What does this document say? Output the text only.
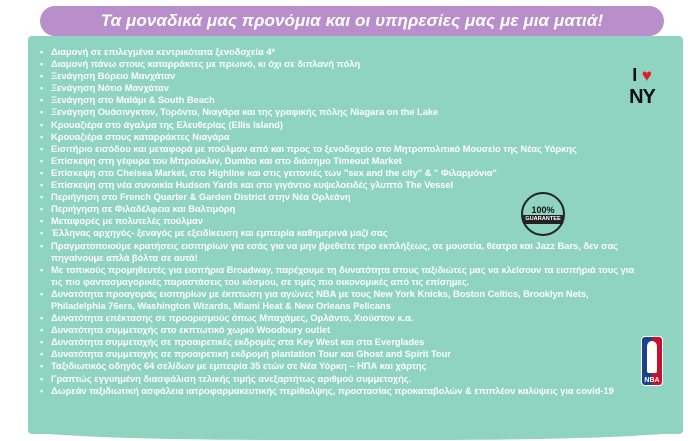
Τα μοναδικά μας προνόμια και οι υπηρεσίες μας με μια ματιά!
• Διαμονή σε επιλεγμένα κεντρικότατα ξενοδοχεία 4*
• Διαμονή πάνω στους καταρράκτες με πρωινό, κι όχι σε διπλανή πόλη
• Ξενάγηση Βόρειο Μανχάταν
• Ξενάγηση Νότιο Μανχάταν
• Ξενάγηση στο Μαϊάμι & South Beach
• Ξενάγηση Ουάσινγκτον, Τορόντο, Νιαγάρα και της γραφικής πόλης Niagara on the Lake
• Κρουαζιέρα στο άγαλμα της Ελευθερίας (Ellis Island)
• Κρουαζιέρα στους καταρράκτες Νιαγάρα
• Εισιτήριο εισόδου και μεταφορά με πούλμαν από και προς το ξενοδοχείο στο Μητροπολιτικό Μουσείο της Νέας Υόρκης
• Επίσκεψη στη γέφυρα του Μπρούκλιν, Dumbo και στο διάσημο Timeout Market
• Επίσκεψη στο Chelsea Market, στο Highline και στις γειτονιές των "sex and the city" & " Φιλαρμόνια"
• Επίσκεψη στη νέα συνοικία Hudson Yards και στο γιγάντιο κυψελοειδές γλυπτό The Vessel
• Περιήγηση στο French Quarter & Garden District στην Νέα Ορλεάνη
• Περιήγηση σε Φιλαδέλφεια και Βαλτιμόρη
• Μεταφορές με πολυτελές πούλμαν
• Έλληνας αρχηγός- ξεναγός με εξειδίκευση και εμπειρία καθημερινά μαζί σας
• Πραγματοποιούμε κρατήσεις εισιτηρίων για εσάς για να μην βρεθείτε προ εκπλήξεως, σε μουσεία, θέατρα και Jazz Bars, δεν σας πηγαίνουμε απλά βόλτα σε αυτά!
• Με τοπικούς προμηθευτές για εισιτήρια Broadway, παρέχουμε τη δυνατότητα στους ταξιδιώτες μας να κλείσουν τα εισιτήριά τους για τις πιο φαντασμαγορικές παραστάσεις του κόσμου, σε τιμές πιο οικονομικές από τις επίσημες.
• Δυνατότητα προαγοράς εισιτηρίων με έκπτωση για αγώνες NBA με τους New York Knicks, Boston Celtics, Brooklyn Nets, Philadelphia 76ers, Washington Wizards, Miami Heat & New Orleans Pelicans
• Δυνατότητα επέκτασης σε προορισμούς όπως Μπαχάμες, Ορλάντο, Χιούστον κ.α.
• Δυνατότητα συμμετοχής στο εκπτωτικό χωριό Woodbury outlet
• Δυνατότητα συμμετοχής σε προαιρετικές εκδρομές στα Key West και στα Everglades
• Δυνατότητα συμμετοχής σε προαιρετική εκδρομή plantation Tour και Ghost and Spirit Tour
• Ταξιδιωτικός οδηγός 64 σελίδων με εμπειρία 35 ετών σε Νέα Υόρκη – ΗΠΑ και χάρτης
• Γραπτώς εγγυημένη διασφάλιση τελικής τιμής ανεξαρτήτως αριθμού συμμετοχής.
• Δωρεάν ταξιδιωτική ασφάλεια ιατροφαρμακευτικής περίθαλψης, προστασίας προκαταβολών & επιπλέον καλύψεις για covid-19
I ♥
NY
100%
GUARANTEE
NBA
